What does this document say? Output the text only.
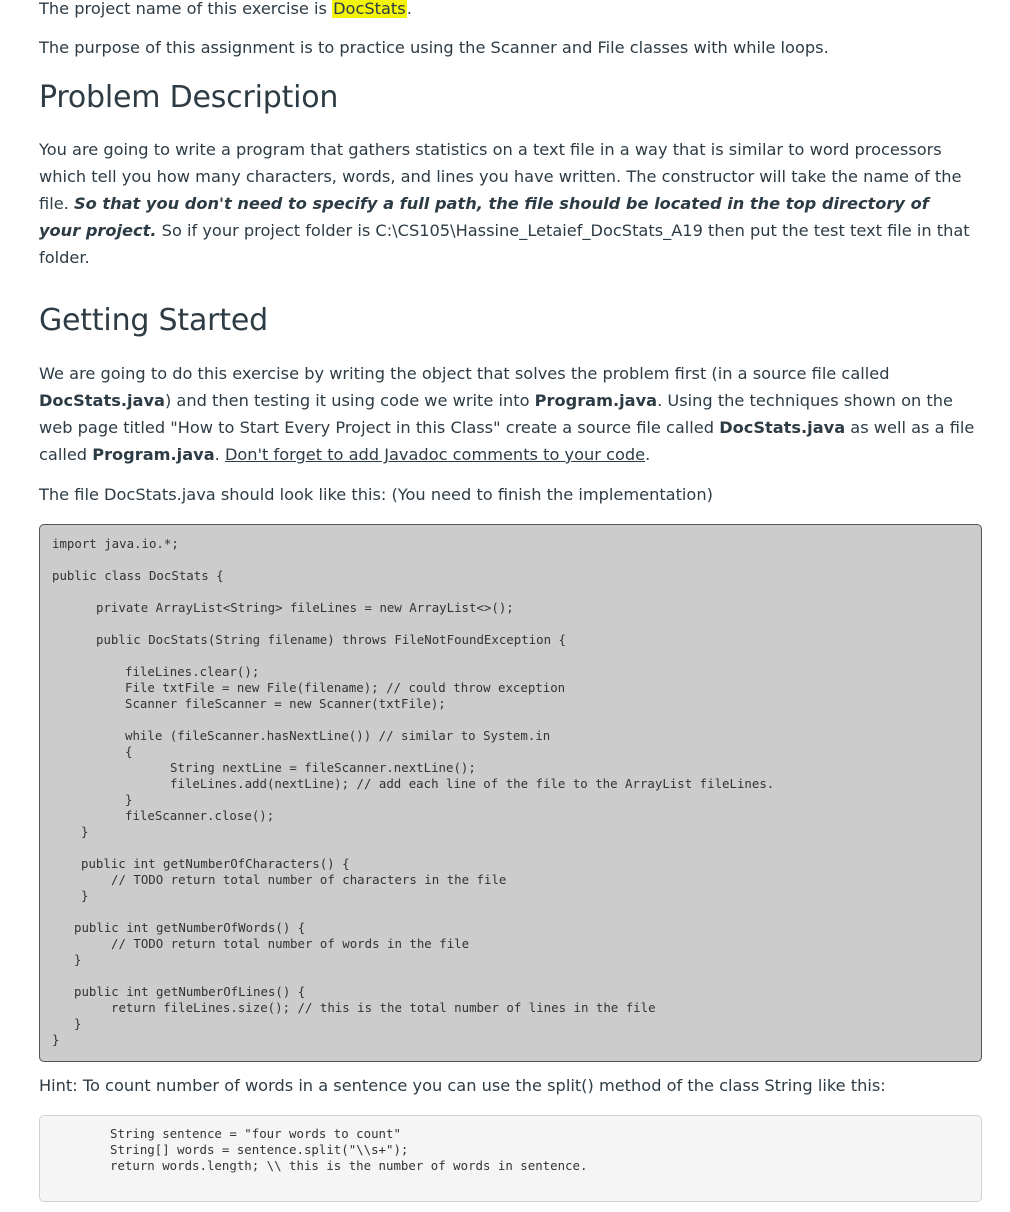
The project name of this exercise is DocStats.

The purpose of this assignment is to practice using the Scanner and File classes with while loops.

Problem Description

You are going to write a program that gathers statistics on a text file in a way that is similar to word processors which tell you how many characters, words, and lines you have written. The constructor will take the name of the file. So that you don't need to specify a full path, the file should be located in the top directory of your project. So if your project folder is C:\CS105\Hassine_Letaief_DocStats_A19 then put the test text file in that folder.

Getting Started

We are going to do this exercise by writing the object that solves the problem first (in a source file called DocStats.java) and then testing it using code we write into Program.java. Using the techniques shown on the web page titled "How to Start Every Project in this Class" create a source file called DocStats.java as well as a file called Program.java. Don't forget to add Javadoc comments to your code.

The file DocStats.java should look like this: (You need to finish the implementation)

import java.io.*;
public class DocStats {
private ArrayList<String> fileLines = new ArrayList<>();
public DocStats(String filename) throws FileNotFoundException {
fileLines.clear();
File txtFile = new File(filename); // could throw exception
Scanner fileScanner = new Scanner(txtFile);
while (fileScanner.hasNextLine()) // similar to System.in
{
String nextLine = fileScanner.nextLine();
fileLines.add(nextLine); // add each line of the file to the ArrayList fileLines.
}
fileScanner.close();
}
public int getNumberOfCharacters() {
// TODO return total number of characters in the file
}
public int getNumberOfWords() {
// TODO return total number of words in the file
}
public int getNumberOfLines() {
return fileLines.size(); // this is the total number of lines in the file
}
}

Hint: To count number of words in a sentence you can use the split() method of the class String like this:

String sentence = "four words to count"
String[] words = sentence.split("\\s+");
return words.length; \\ this is the number of words in sentence.
